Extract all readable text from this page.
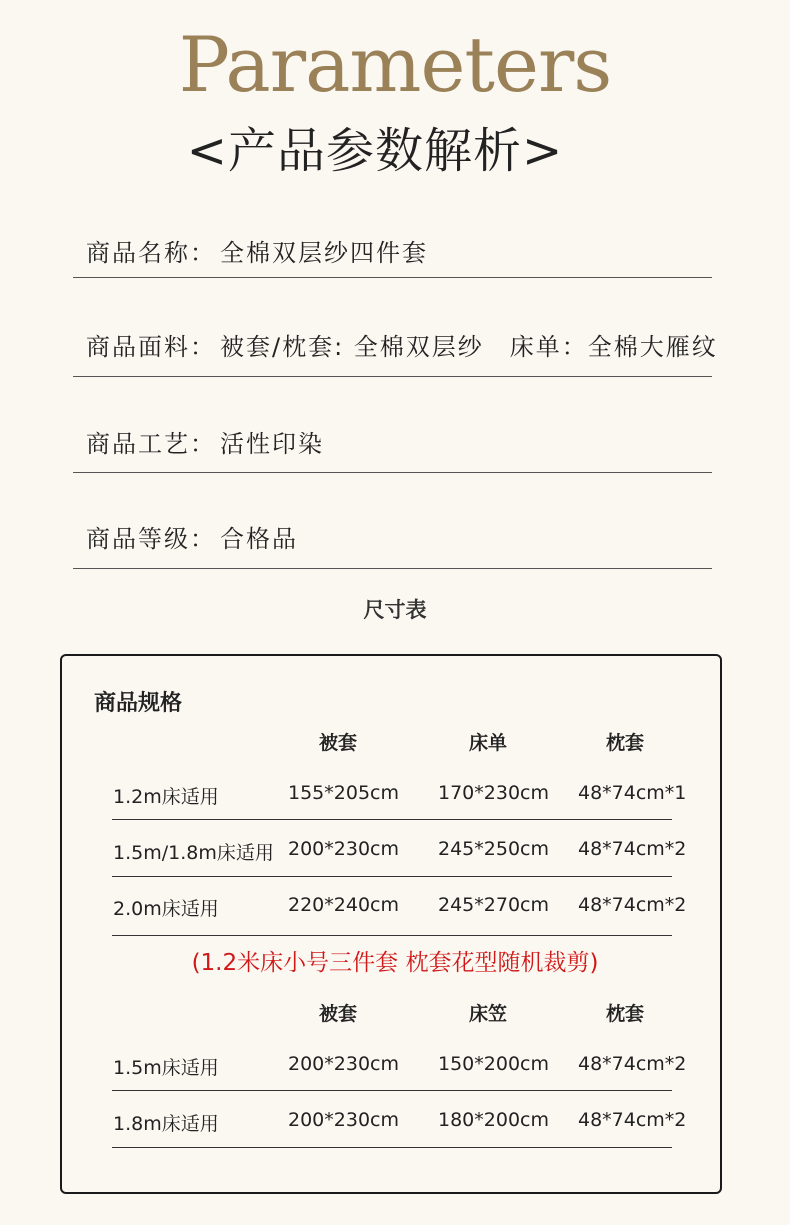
Parameters
<产品参数解析>
商品名称： 全棉双层纱四件套
商品面料： 被套/枕套: 全棉双层纱　床单：全棉大雁纹
商品工艺： 活性印染
商品等级： 合格品
尺寸表
商品规格
被套	床单	枕套
1.2m床适用	155*205cm 170*230cm 48*74cm*1
1.5m/1.8m床适用 200*230cm 245*250cm 48*74cm*2
2.0m床适用	220*240cm 245*270cm 48*74cm*2
(1.2米床小号三件套 枕套花型随机裁剪)
被套	床笠	枕套
1.5m床适用	200*230cm 150*200cm 48*74cm*2
1.8m床适用	200*230cm 180*200cm 48*74cm*2
